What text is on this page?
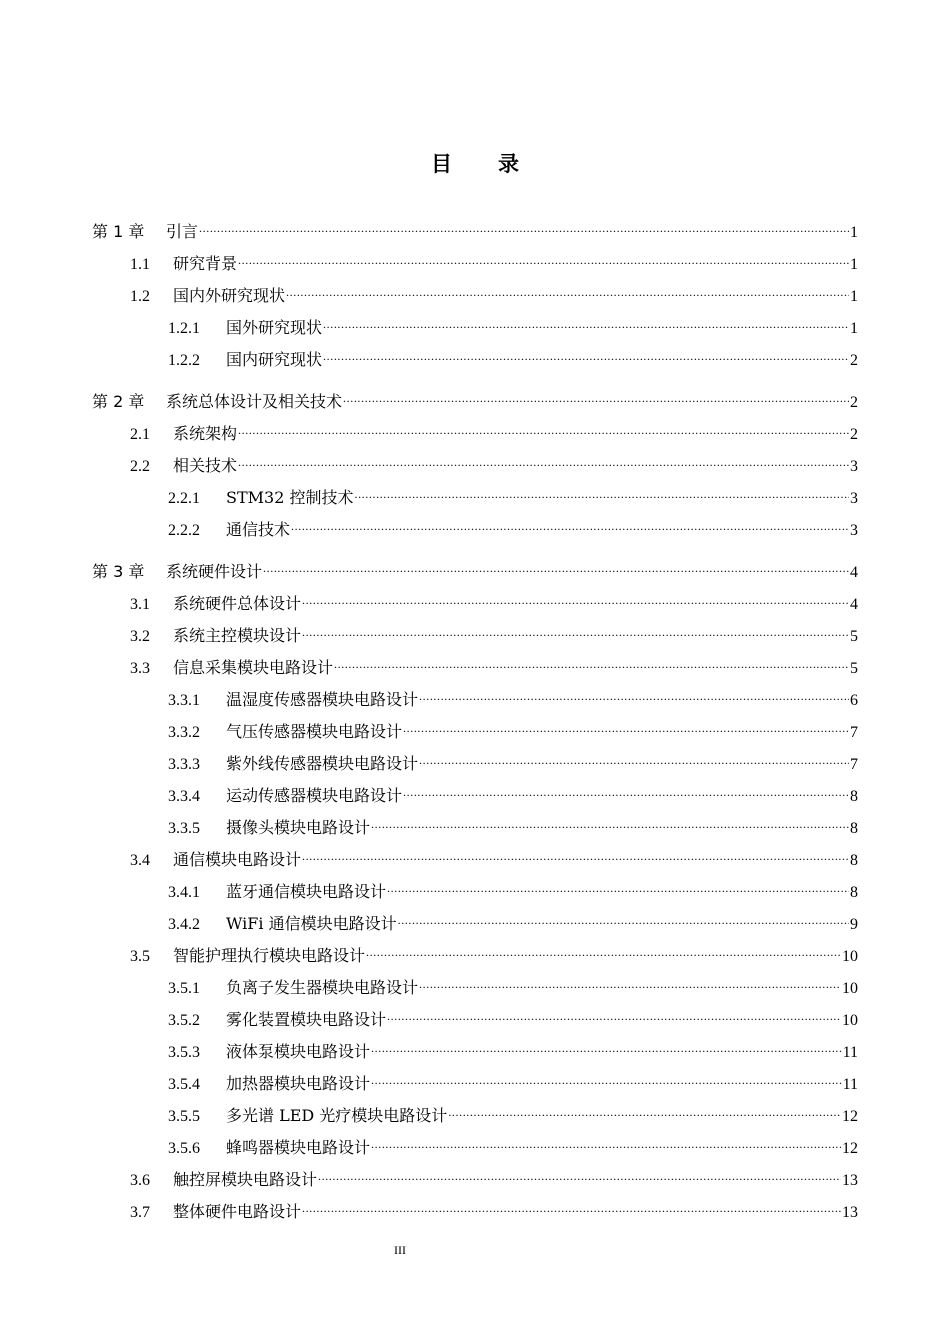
目 录
第 1 章	引言 .....	1
1.1	研究背景 .....	1
1.2	国内外研究现状 .....	1
1.2.1	国外研究现状 .....	1
1.2.2	国内研究现状 .....	2
第 2 章	系统总体设计及相关技术 .....	2
2.1	系统架构 .....	2
2.2	相关技术 .....	3
2.2.1	STM32 控制技术 .....	3
2.2.2	通信技术 .....	3
第 3 章	系统硬件设计 .....	4
3.1	系统硬件总体设计 .....	4
3.2	系统主控模块设计 .....	5
3.3	信息采集模块电路设计 .....	5
3.3.1	温湿度传感器模块电路设计 .....	6
3.3.2	气压传感器模块电路设计 .....	7
3.3.3	紫外线传感器模块电路设计 .....	7
3.3.4	运动传感器模块电路设计 .....	8
3.3.5	摄像头模块电路设计 .....	8
3.4	通信模块电路设计 .....	8
3.4.1	蓝牙通信模块电路设计 .....	8
3.4.2	WiFi 通信模块电路设计 .....	9
3.5	智能护理执行模块电路设计 .....	10
3.5.1	负离子发生器模块电路设计 .....	10
3.5.2	雾化装置模块电路设计 .....	10
3.5.3	液体泵模块电路设计 .....	11
3.5.4	加热器模块电路设计 .....	11
3.5.5	多光谱 LED 光疗模块电路设计 .....	12
3.5.6	蜂鸣器模块电路设计 .....	12
3.6	触控屏模块电路设计 .....	13
3.7	整体硬件电路设计 .....	13
III
